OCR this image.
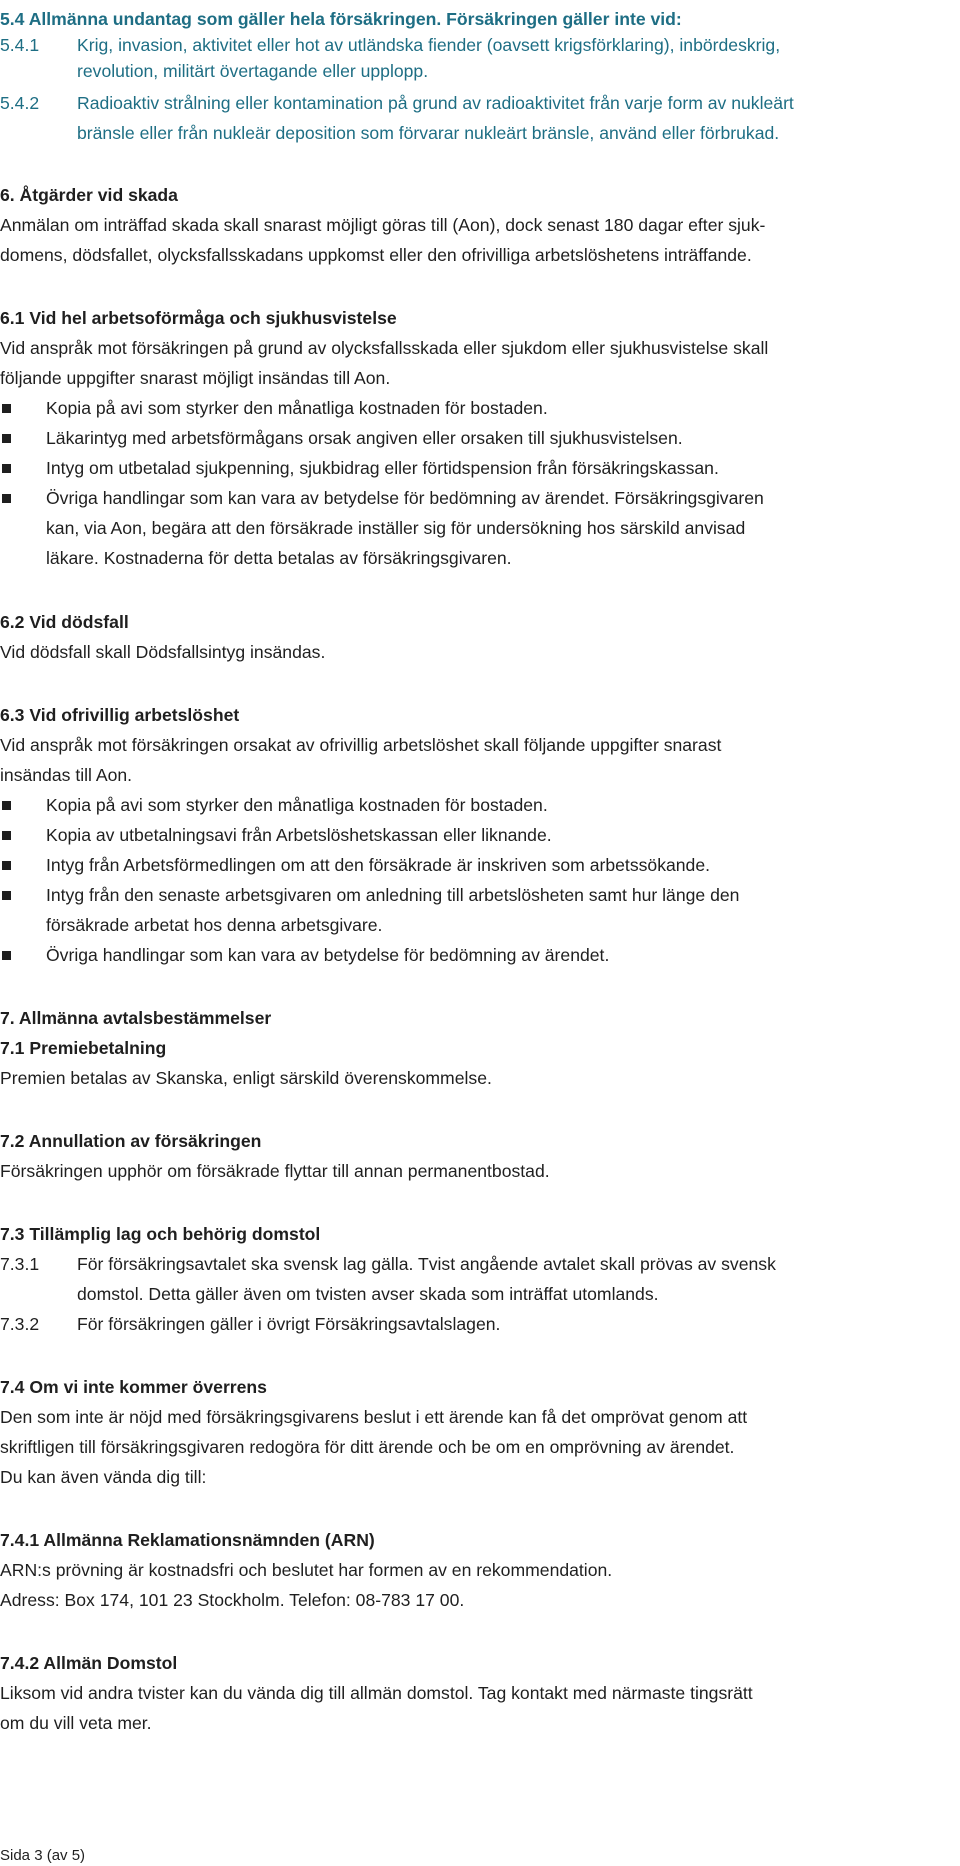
5.4 Allmänna undantag som gäller hela försäkringen. Försäkringen gäller inte vid:
5.4.1 Krig, invasion, aktivitet eller hot av utländska fiender (oavsett krigsförklaring), inbördeskrig,
revolution, militärt övertagande eller upplopp.
5.4.2 Radioaktiv strålning eller kontamination på grund av radioaktivitet från varje form av nukleärt
bränsle eller från nukleär deposition som förvarar nukleärt bränsle, använd eller förbrukad.
6. Åtgärder vid skada
Anmälan om inträffad skada skall snarast möjligt göras till (Aon), dock senast 180 dagar efter sjuk-
domens, dödsfallet, olycksfallsskadans uppkomst eller den ofrivilliga arbetslöshetens inträffande.
6.1 Vid hel arbetsoförmåga och sjukhusvistelse
Vid anspråk mot försäkringen på grund av olycksfallsskada eller sjukdom eller sjukhusvistelse skall
följande uppgifter snarast möjligt insändas till Aon.
Kopia på avi som styrker den månatliga kostnaden för bostaden.
Läkarintyg med arbetsförmågans orsak angiven eller orsaken till sjukhusvistelsen.
Intyg om utbetalad sjukpenning, sjukbidrag eller förtidspension från försäkringskassan.
Övriga handlingar som kan vara av betydelse för bedömning av ärendet. Försäkringsgivaren
kan, via Aon, begära att den försäkrade inställer sig för undersökning hos särskild anvisad
läkare. Kostnaderna för detta betalas av försäkringsgivaren.
6.2 Vid dödsfall
Vid dödsfall skall Dödsfallsintyg insändas.
6.3 Vid ofrivillig arbetslöshet
Vid anspråk mot försäkringen orsakat av ofrivillig arbetslöshet skall följande uppgifter snarast
insändas till Aon.
Kopia på avi som styrker den månatliga kostnaden för bostaden.
Kopia av utbetalningsavi från Arbetslöshetskassan eller liknande.
Intyg från Arbetsförmedlingen om att den försäkrade är inskriven som arbetssökande.
Intyg från den senaste arbetsgivaren om anledning till arbetslösheten samt hur länge den
försäkrade arbetat hos denna arbetsgivare.
Övriga handlingar som kan vara av betydelse för bedömning av ärendet.
7. Allmänna avtalsbestämmelser
7.1 Premiebetalning
Premien betalas av Skanska, enligt särskild överenskommelse.
7.2 Annullation av försäkringen
Försäkringen upphör om försäkrade flyttar till annan permanentbostad.
7.3 Tillämplig lag och behörig domstol
7.3.1 För försäkringsavtalet ska svensk lag gälla. Tvist angående avtalet skall prövas av svensk
domstol. Detta gäller även om tvisten avser skada som inträffat utomlands.
7.3.2 För försäkringen gäller i övrigt Försäkringsavtalslagen.
7.4 Om vi inte kommer överrens
Den som inte är nöjd med försäkringsgivarens beslut i ett ärende kan få det omprövat genom att
skriftligen till försäkringsgivaren redogöra för ditt ärende och be om en omprövning av ärendet.
Du kan även vända dig till:
7.4.1 Allmänna Reklamationsnämnden (ARN)
ARN:s prövning är kostnadsfri och beslutet har formen av en rekommendation.
Adress: Box 174, 101 23 Stockholm. Telefon: 08-783 17 00.
7.4.2 Allmän Domstol
Liksom vid andra tvister kan du vända dig till allmän domstol. Tag kontakt med närmaste tingsrätt
om du vill veta mer.
Sida 3 (av 5)
